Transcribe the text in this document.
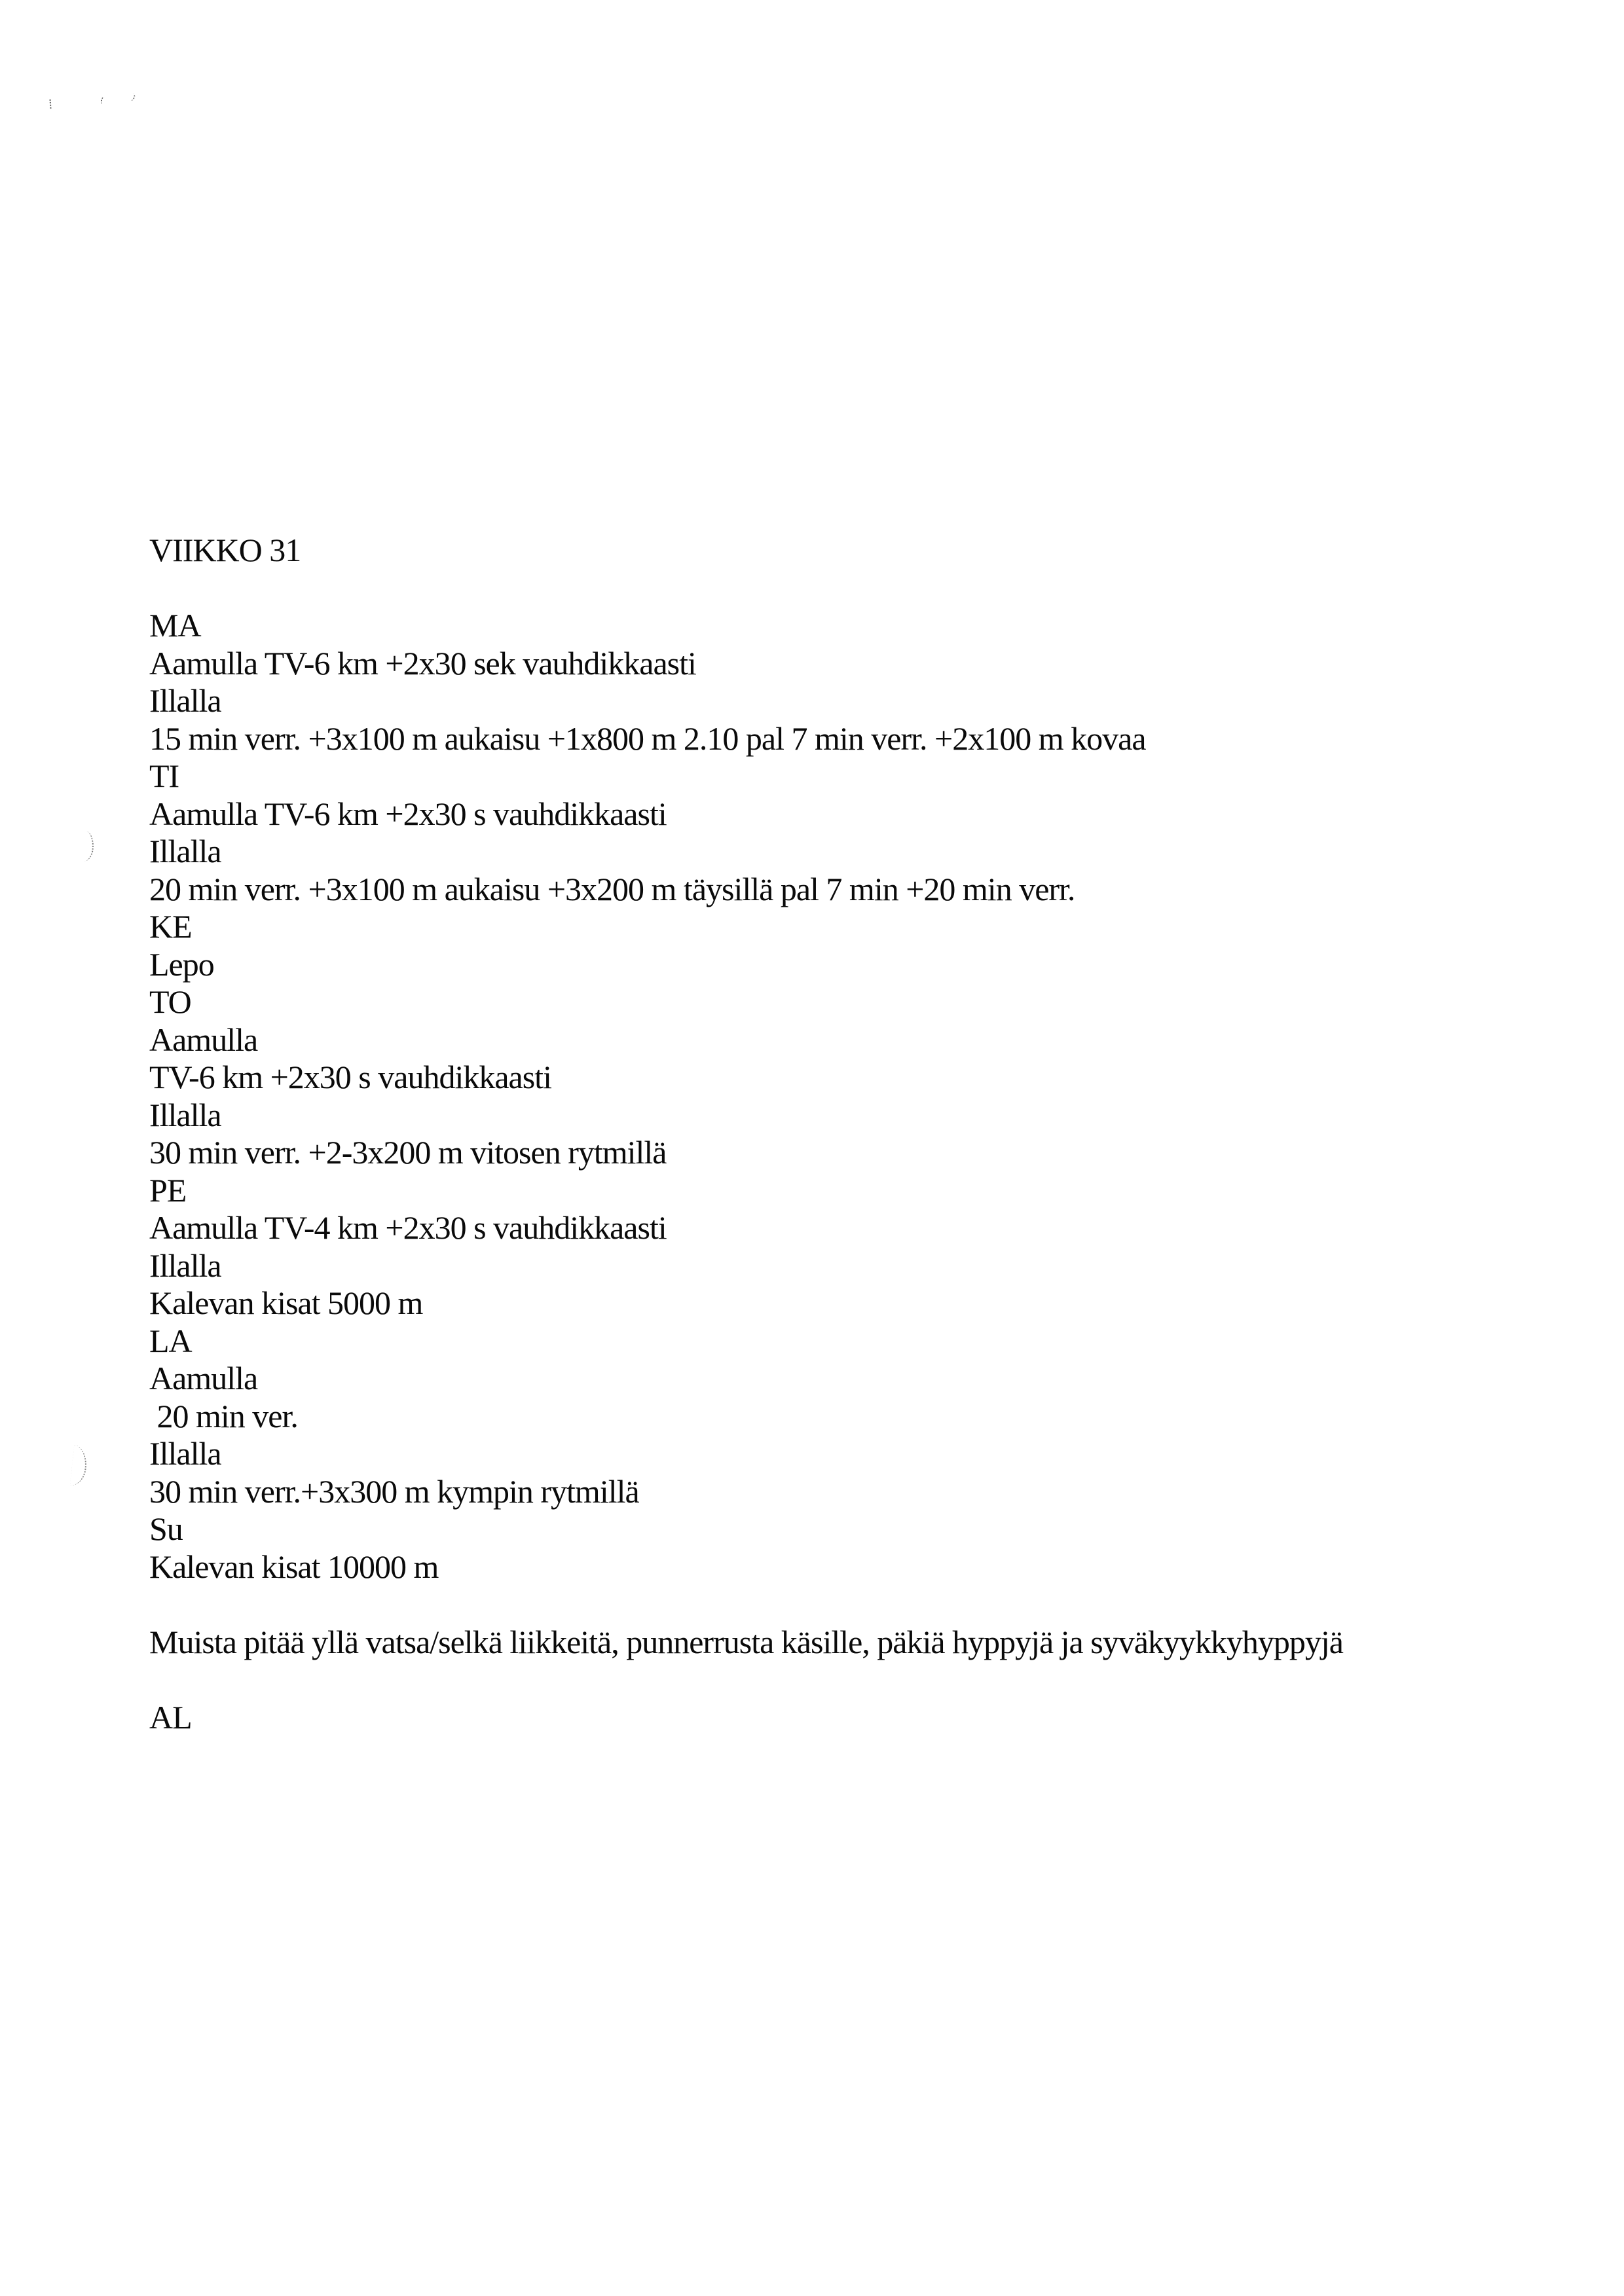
VIIKKO 31

MA

Aamulla TV-6 km +2x30 sek vauhdikkaasti

Illalla

15 min verr. +3x100 m aukaisu +1x800 m 2.10 pal 7 min verr. +2x100 m kovaa

TI

Aamulla TV-6 km +2x30 s vauhdikkaasti

Illalla

20 min verr. +3x100 m aukaisu +3x200 m täysillä pal 7 min +20 min verr.

KE

Lepo

TO

Aamulla

TV-6 km +2x30 s vauhdikkaasti

Illalla

30 min verr. +2-3x200 m vitosen rytmillä

PE

Aamulla TV-4 km +2x30 s vauhdikkaasti

Illalla

Kalevan kisat 5000 m

LA

Aamulla

20 min ver.

Illalla

30 min verr.+3x300 m kympin rytmillä

Su

Kalevan kisat 10000 m

Muista pitää yllä vatsa/selkä liikkeitä, punnerrusta käsille, päkiä hyppyjä ja syväkyykkyhyppyjä

AL
